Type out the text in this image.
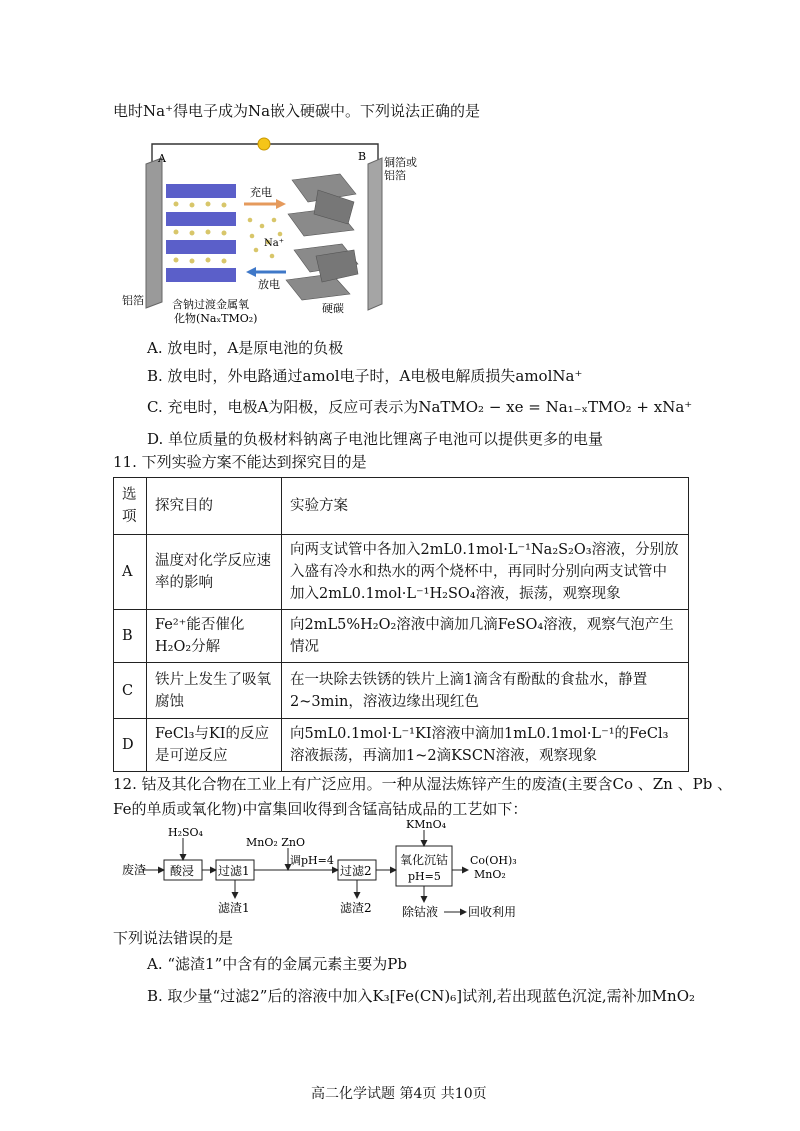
电时Na⁺得电子成为Na嵌入硬碳中。下列说法正确的是
A	B 铜箔或
铝箔
充电
Na⁺
放电
铝箔	含钠过渡金属氧
化物(NaₓTMO₂)
硬碳
A. 放电时，A是原电池的负极
B. 放电时，外电路通过amol电子时，A电极电解质损失amolNa⁺
C. 充电时，电极A为阳极，反应可表示为NaTMO₂ − xe = Na₁₋ₓTMO₂ + xNa⁺
D. 单位质量的负极材料钠离子电池比锂离子电池可以提供更多的电量
11. 下列实验方案不能达到探究目的是
选项	探究目的	实验方案
A	温度对化学反应速率的影响	向两支试管中各加入2mL0.1mol·L⁻¹Na₂S₂O₃溶液，分别放入盛有冷水和热水的两个烧杯中，再同时分别向两支试管中加入2mL0.1mol·L⁻¹H₂SO₄溶液，振荡，观察现象
B	Fe²⁺能否催化H₂O₂分解	向2mL5%H₂O₂溶液中滴加几滴FeSO₄溶液，观察气泡产生情况
C	铁片上发生了吸氧腐蚀	在一块除去铁锈的铁片上滴1滴含有酚酞的食盐水，静置2~3min，溶液边缘出现红色
D	FeCl₃与KI的反应是可逆反应	向5mL0.1mol·L⁻¹KI溶液中滴加1mL0.1mol·L⁻¹的FeCl₃溶液振荡，再滴加1~2滴KSCN溶液，观察现象
12. 钴及其化合物在工业上有广泛应用。一种从湿法炼锌产生的废渣(主要含Co 、Zn 、Pb 、
Fe的单质或氧化物)中富集回收得到含锰高钴成品的工艺如下：
废渣
H₂SO₄
酸浸 过滤1
滤渣1
MnO₂ ZnO
调pH=4
过滤2
滤渣2
KMnO₄
氧化沉钴
pH=5
Co(OH)₃
MnO₂
除钴液 回收利用
下列说法错误的是
A. “滤渣1”中含有的金属元素主要为Pb
B. 取少量“过滤2”后的溶液中加入K₃[Fe(CN)₆]试剂,若出现蓝色沉淀,需补加MnO₂
高二化学试题 第4页 共10页
